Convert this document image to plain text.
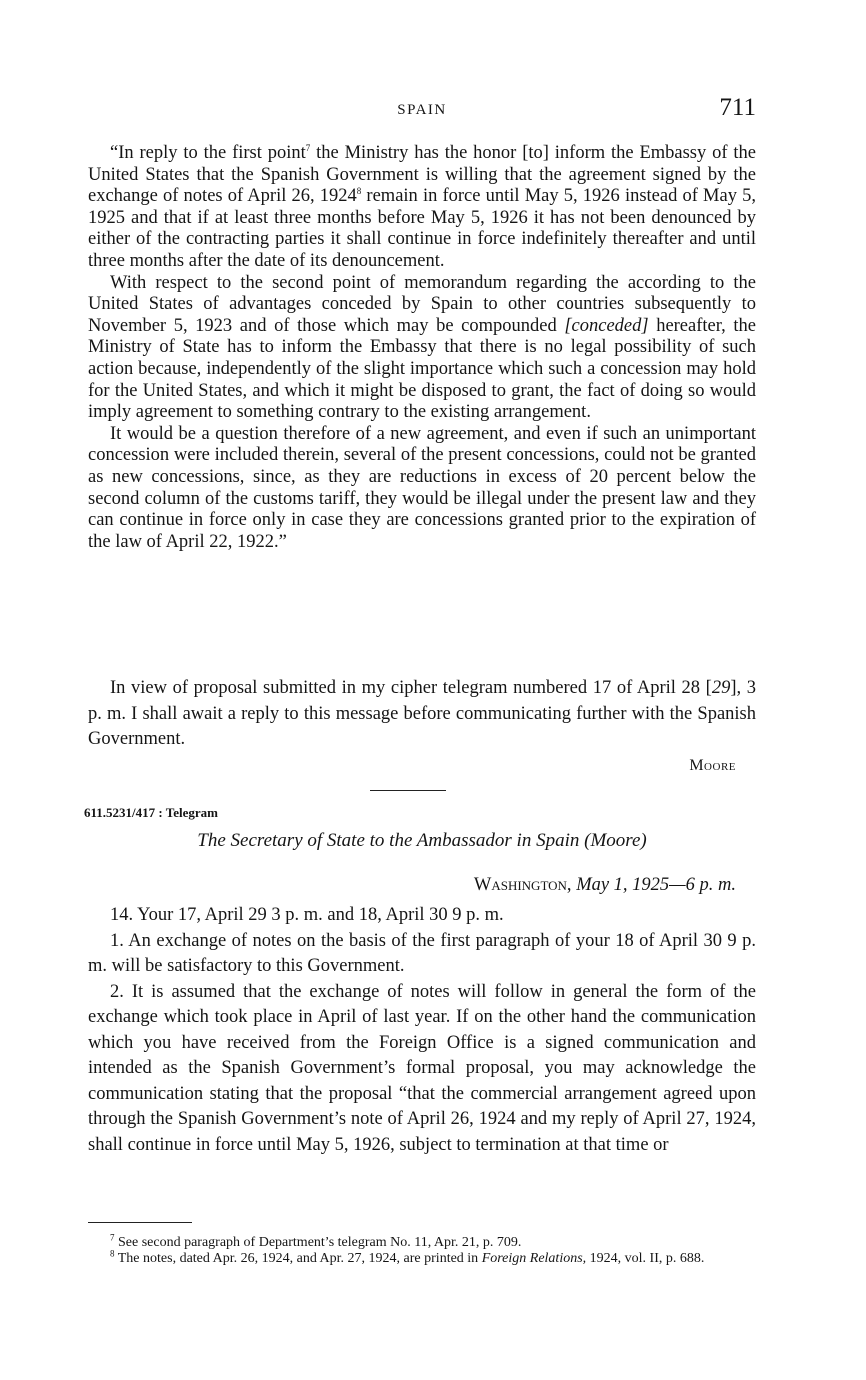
SPAIN	711

“In reply to the first point$^7$ the Ministry has the honor [to] inform the Embassy of the United States that the Spanish Government is willing that the agreement signed by the exchange of notes of April 26, 1924$^8$ remain in force until May 5, 1926 instead of May 5, 1925 and that if at least three months before May 5, 1926 it has not been denounced by either of the contracting parties it shall continue in force indefinitely thereafter and until three months after the date of its denouncement.

With respect to the second point of memorandum regarding the according to the United States of advantages conceded by Spain to other countries subsequently to November 5, 1923 and of those which may be compounded [conceded] hereafter, the Ministry of State has to inform the Embassy that there is no legal possibility of such action because, independently of the slight importance which such a concession may hold for the United States, and which it might be disposed to grant, the fact of doing so would imply agreement to something contrary to the existing arrangement.

It would be a question therefore of a new agreement, and even if such an unimportant concession were included therein, several of the present concessions, could not be granted as new concessions, since, as they are reductions in excess of 20 percent below the second column of the customs tariff, they would be illegal under the present law and they can continue in force only in case they are concessions granted prior to the expiration of the law of April 22, 1922.”

In view of proposal submitted in my cipher telegram numbered 17 of April 28 [29], 3 p. m. I shall await a reply to this message before communicating further with the Spanish Government.

Moore
611.5231/417 : Telegram
The Secretary of State to the Ambassador in Spain (Moore)
Washington, May 1, 1925—6 p. m.

14. Your 17, April 29 3 p. m. and 18, April 30 9 p. m.

1. An exchange of notes on the basis of the first paragraph of your 18 of April 30 9 p. m. will be satisfactory to this Government.

2. It is assumed that the exchange of notes will follow in general the form of the exchange which took place in April of last year. If on the other hand the communication which you have received from the Foreign Office is a signed communication and intended as the Spanish Government’s formal proposal, you may acknowledge the communication stating that the proposal “that the commercial arrangement agreed upon through the Spanish Government’s note of April 26, 1924 and my reply of April 27, 1924, shall continue in force until May 5, 1926, subject to termination at that time or

$^7$ See second paragraph of Department’s telegram No. 11, Apr. 21, p. 709.

$^8$ The notes, dated Apr. 26, 1924, and Apr. 27, 1924, are printed in Foreign Relations, 1924, vol. II, p. 688.
